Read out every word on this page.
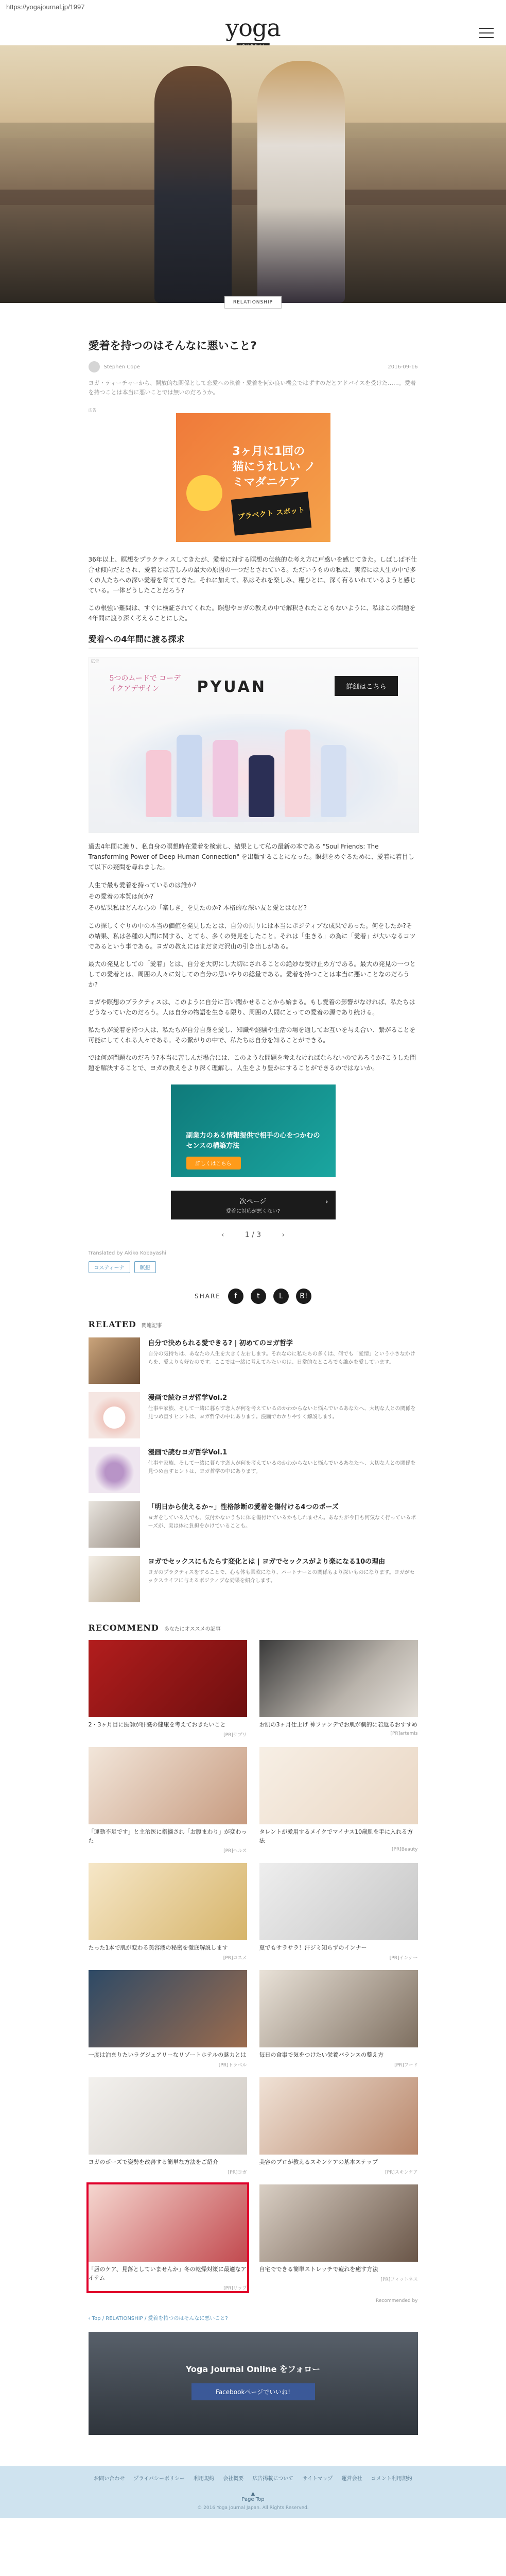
https://yogajournal.jp/1997
yoga
RELATIONSHIP
愛着を持つのはそんなに悪いこと?
Stephen Cope	2016-09-16
ヨガ・ティーチャーから、開放的な関係として恋愛への執着・愛着を何か良い機会ではずすのだとアドバイスを受けた……。愛着を持つことは本当に悪いことでは無いのだろうか。
広告
3ヶ月に1回の 猫にうれしい ノミマダニケア
ブラベクト スポット

36年以上、瞑想をプラクティスしてきたが、愛着に対する瞑想の伝統的な考え方に戸惑いを感じてきた。しばしば不仕合せ傾向だとされ、愛着とは苦しみの最大の原因の一つだとされている。ただいうものの私は、実際には人生の中で多くの人たちへの深い愛着を育ててきた。それに加えて、私はそれを楽しみ、糧ひとに、深く有るいれているようと感じている。一体どうしたことだろう?

この根強い難問は、すぐに検証されてくれた。瞑想やヨガの教えの中で解釈されたこともないように、私はこの問題を4年間に渡り深く考えることにした。

愛着への4年間に渡る探求
広告
5つのムードで コーデイクアデザイン	PYUAN	詳細はこちら

過去4年間に渡り、私自身の瞑想時在愛着を検索し、結果として私の最新の本である "Soul Friends: The Transforming Power of Deep Human Connection" を出版することになった。瞑想をめぐるために、愛着に着目して以下の疑問を尋ねました。

人生で最も愛着を持っているのは誰か?
その愛着の本質は何か?
その結果私はどんな心の「楽しき」を見たのか? 本格的な深い友と愛とはなど?

この探しくぐりの中の本当の価値を発見したとは、自分の周りには本当にポジティブな成果であった。何をしたか?その結果、私は各種の人間に関する、とても、多くの発見をしたこと。それは「生きる」の為に「愛着」が大いなるコツであるという事である。ヨガの教えにはまだまだ沢山の引き出しがある。

最大の発見としての「愛着」とは、自分を大切にし大切にされることの絶妙な受け止め方である。最大の発見の一つとしての愛着とは、周囲の人々に対しての自分の思いやりの総量である。愛着を持つことは本当に悪いことなのだろうか?

ヨガや瞑想のプラクティスは、このように自分に言い聞かせることから始まる。もし愛着の影響がなければ、私たちはどうなっていたのだろう。人は自分の物語を生きる限り、周囲の人間にとっての愛着の源であり続ける。

私たちが愛着を持つ人は、私たちが自分自身を愛し、知識や経験や生活の場を通してお互いを与え合い、繋がることを可能にしてくれる人々である。その繋がりの中で、私たちは自分を知ることができる。

では何が問題なのだろう?本当に苦しんだ場合には、このような問題を考えなければならないのであろうか?こうした問題を解決することで、ヨガの教えをより深く理解し、人生をより豊かにすることができるのではないか。

副業力のある情報提供で相手の心をつかむのセンスの構築方法
詳しくはこちら
次ページ
愛着に対応が悪くない?
›
‹	1 / 3	›
Translated by Akiko Kobayashi
コスティーナ	瞑想
SHARE	f	t	L	B!
RELATED 関連記事
自分で決められる愛できる? | 初めてのヨガ哲学
自分の気持ちは、あなたの人生を大きく左右します。それなのに私たちの多くは、何でも「愛情」という小さなかけらを、愛よりも好むのです。ここでは一緒に考えてみたいのは、日常的なところでも誰かを愛しています。
漫画で読むヨガ哲学Vol.2
仕事や家族、そして一緒に暮らす恋人が何を考えているのかわからないと悩んでいるあなたへ、大切な人との関係を見つめ直すヒントは、ヨガ哲学の中にあります。漫画でわかりやすく解説します。
漫画で読むヨガ哲学Vol.1
仕事や家族、そして一緒に暮らす恋人が何を考えているのかわからないと悩んでいるあなたへ、大切な人との関係を見つめ直すヒントは、ヨガ哲学の中にあります。
「明日から使えるか~」性格診断の愛着を傷付ける4つのポーズ
ヨガをしている人でも、気付かないうちに体を傷付けているかもしれません。あなたが今日も何気なく行っているポーズが、実は体に負担をかけていることも。
ヨガでセックスにもたらす変化とは | ヨガでセックスがより楽になる10の理由
ヨガのプラクティスをすることで、心も体も柔軟になり、パートナーとの関係もより深いものになります。ヨガがセックスライフに与えるポジティブな効果を紹介します。
RECOMMEND あなたにオススメの記事
2・3ヶ月目に医師が肝臓の健康を考えておきたいこと
[PR]サプリ
お肌の3ヶ月仕上げ 神ファンデでお肌が劇的に若返るおすすめ
[PR]artemis
「運動不足です」と主治医に指摘され「お腹まわり」が変わった
[PR]ヘルス
タレントが愛用するメイクでマイナス10歳肌を手に入れる方法
[PR]Beauty
たった1本で肌が変わる美容液の秘密を徹底解説します
[PR]コスメ
夏でもサラサラ！汗ジミ知らずのインナー
[PR]インナー
一度は泊まりたいラグジュアリーなリゾートホテルの魅力とは
[PR]トラベル
毎日の食事で気をつけたい栄養バランスの整え方
[PR]フード
ヨガのポーズで姿勢を改善する簡単な方法をご紹介
[PR]ヨガ
美容のプロが教えるスキンケアの基本ステップ
[PR]スキンケア
「唇のケア、見落としていませんか」冬の乾燥対策に最適なアイテム
[PR]リップ
自宅でできる簡単ストレッチで疲れを癒す方法
[PR]フィットネス
Recommended by
‹ Top / RELATIONSHIP / 愛着を持つのはそんなに悪いこと?
Yoga Journal Online をフォロー
Facebookページでいいね!
お問い合わせ プライバシーポリシー 利用規約 会社概要 広告掲載について サイトマップ 運営会社 コメント利用規約
▲
Page Top
© 2016 Yoga Journal Japan. All Rights Reserved.
